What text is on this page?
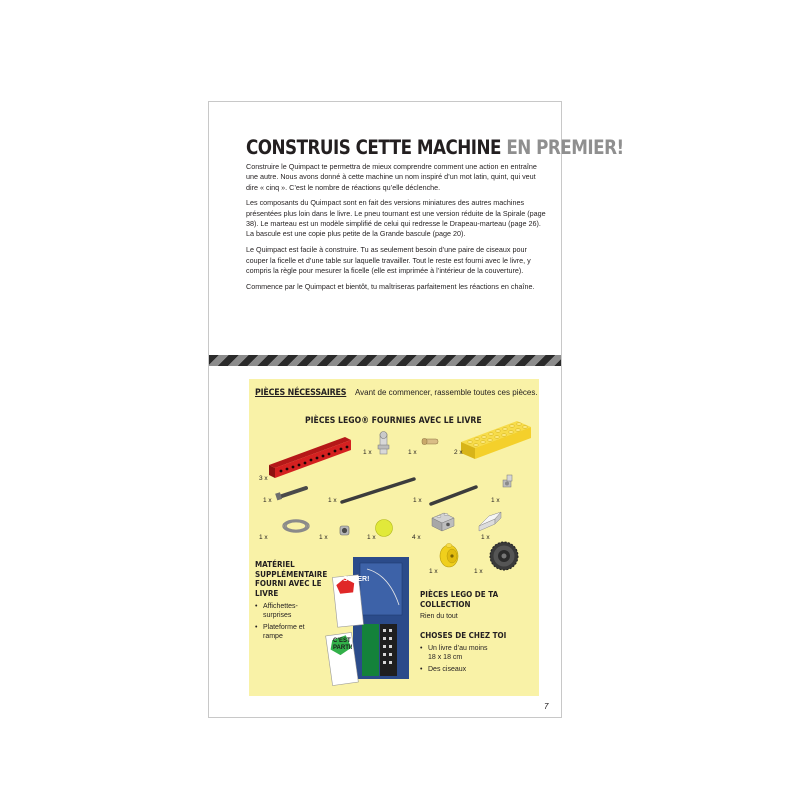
CONSTRUIS CETTE MACHINE EN PREMIER!

Construire le Quimpact te permettra de mieux comprendre comment une action en entraîne une autre. Nous avons donné à cette machine un nom inspiré d’un mot latin, quint, qui veut dire « cinq ». C’est le nombre de réactions qu’elle déclenche.

Les composants du Quimpact sont en fait des versions miniatures des autres machines présentées plus loin dans le livre. Le pneu tournant est une version réduite de la Spirale (page 38). Le marteau est un modèle simplifié de celui qui redresse le Drapeau-marteau (page 26). La bascule est une copie plus petite de la Grande bascule (page 20).

Le Quimpact est facile à construire. Tu as seulement besoin d’une paire de ciseaux pour couper la ficelle et d’une table sur laquelle travailler. Tout le reste est fourni avec le livre, y compris la règle pour mesurer la ficelle (elle est imprimée à l’intérieur de la couverture).

Commence par le Quimpact et bientôt, tu maîtriseras parfaitement les réactions en chaîne.

PIÈCES NÉCESSAIRES Avant de commencer, rassemble toutes ces pièces.
PIÈCES LEGO® FOURNIES AVEC LE LIVRE
3 x
1 x	1 x	2 x
1 x	1 x	1 x	1 x
1 x	1 x	1 x	4 x	1 x
1 x	1 x
MATÉRIEL SUPPLÉMENTAIRE FOURNI AVEC LE LIVRE
• Affichettes-surprises
• Plateforme et rampe
SUPER!
C’EST PARTI!
PIÈCES LEGO DE TA COLLECTION
Rien du tout
CHOSES DE CHEZ TOI
• Un livre d’au moins 18 x 18 cm
• Des ciseaux
7
